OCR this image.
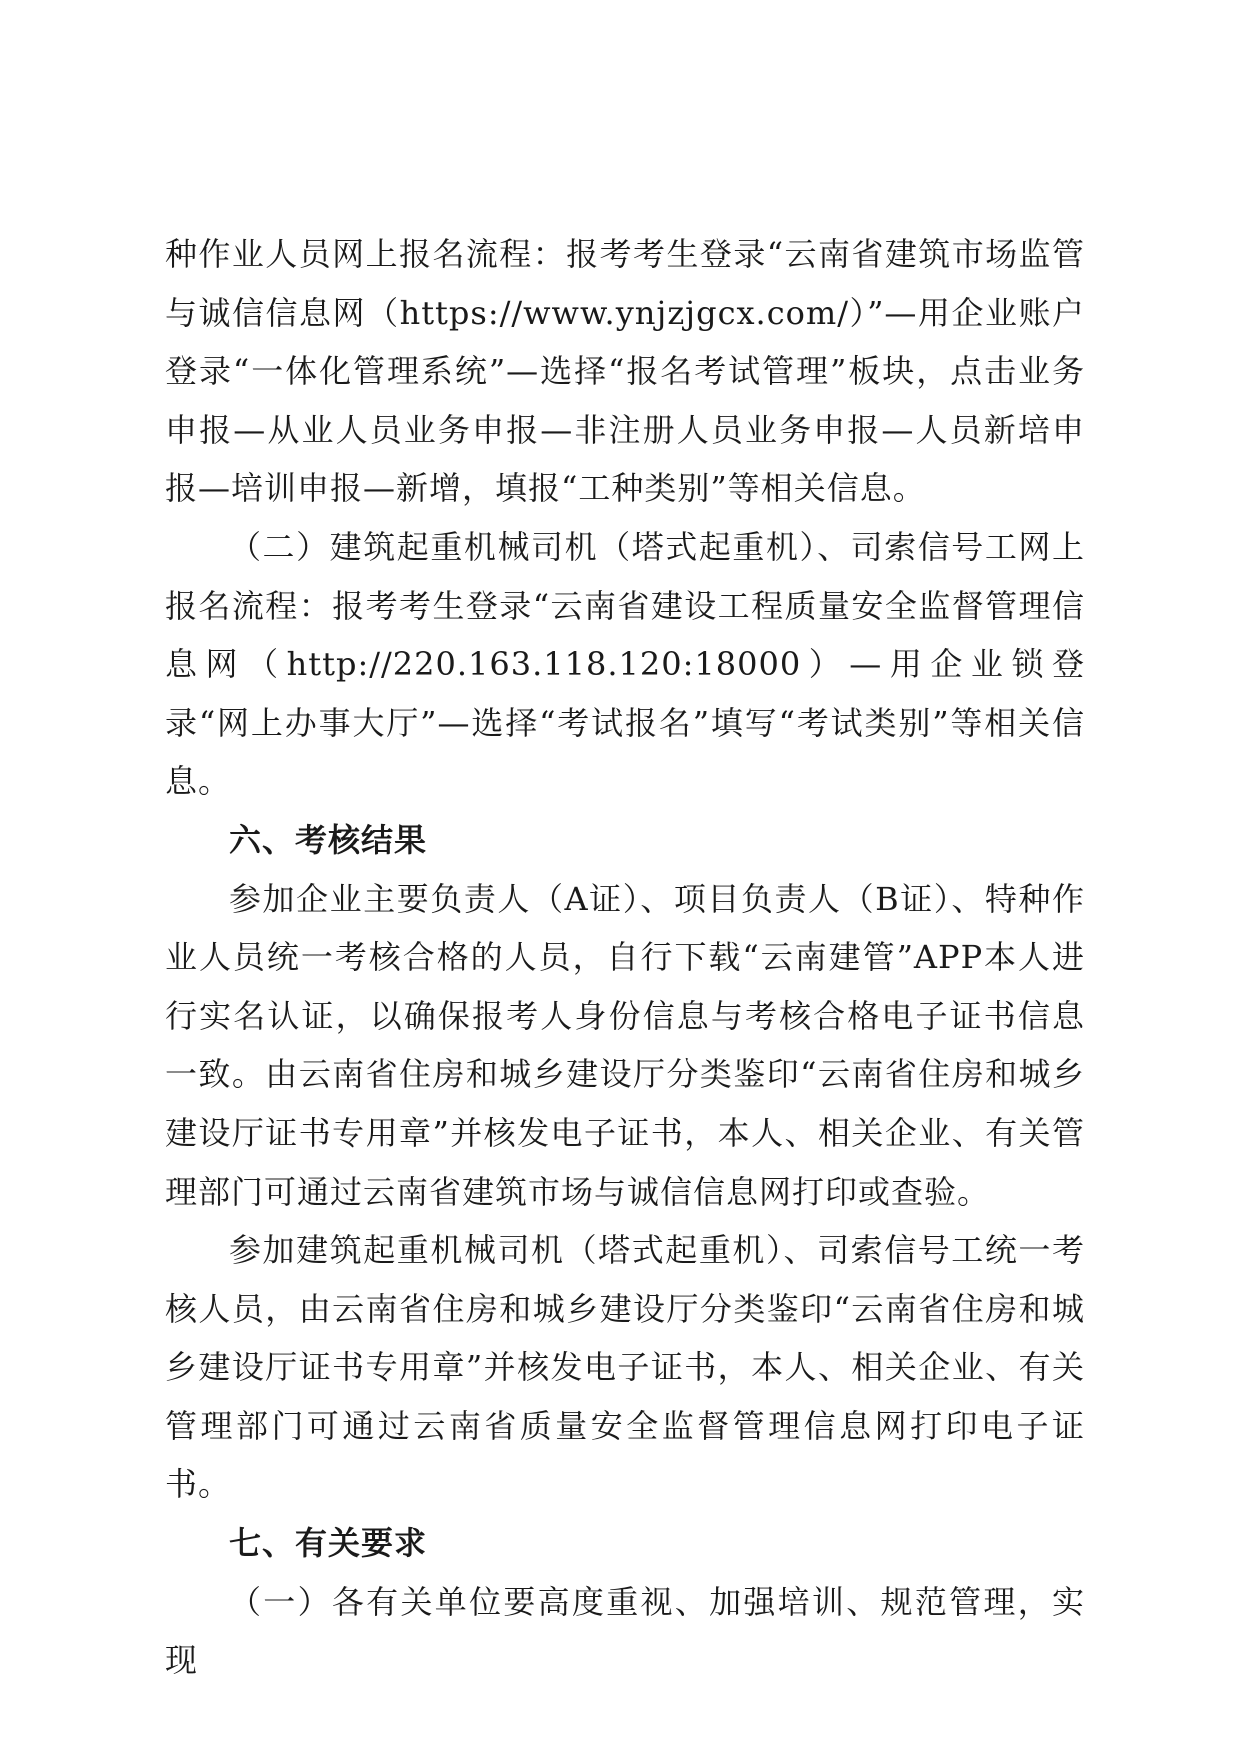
种作业人员网上报名流程：报考考生登录“云南省建筑市场监管与诚信信息网（https://www.ynjzjgcx.com/）”—用企业账户登录“一体化管理系统”—选择“报名考试管理”板块，点击业务申报—从业人员业务申报—非注册人员业务申报—人员新培申报—培训申报—新增，填报“工种类别”等相关信息。

（二）建筑起重机械司机（塔式起重机）、司索信号工网上报名流程：报考考生登录“云南省建设工程质量安全监督管理信息网（http://220.163.118.120:18000）—用企业锁登录“网上办事大厅”—选择“考试报名”填写“考试类别”等相关信息。

六、考核结果

参加企业主要负责人（A证）、项目负责人（B证）、特种作业人员统一考核合格的人员，自行下载“云南建管”APP本人进行实名认证，以确保报考人身份信息与考核合格电子证书信息一致。由云南省住房和城乡建设厅分类鉴印“云南省住房和城乡建设厅证书专用章”并核发电子证书，本人、相关企业、有关管理部门可通过云南省建筑市场与诚信信息网打印或查验。

参加建筑起重机械司机（塔式起重机）、司索信号工统一考核人员，由云南省住房和城乡建设厅分类鉴印“云南省住房和城乡建设厅证书专用章”并核发电子证书，本人、相关企业、有关管理部门可通过云南省质量安全监督管理信息网打印电子证书。

七、有关要求

（一）各有关单位要高度重视、加强培训、规范管理，实现
